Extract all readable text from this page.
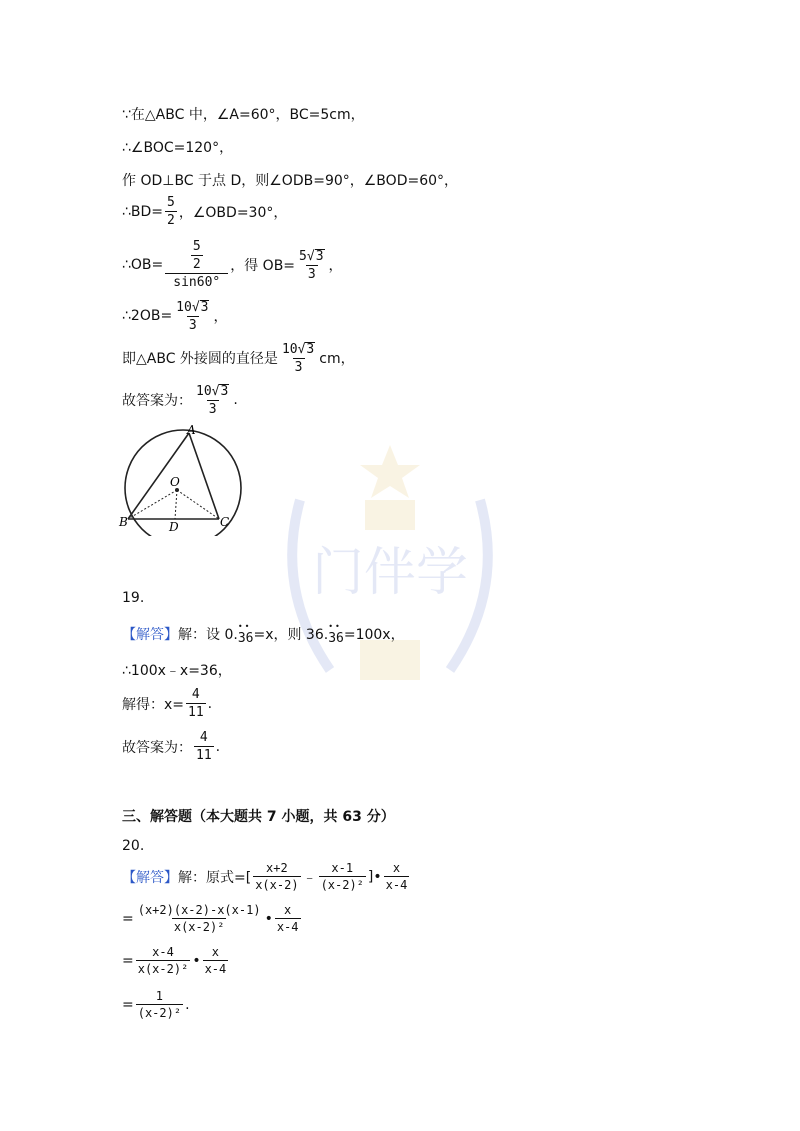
门伴学
∵在△ABC 中，∠A=60°，BC=5cm，
∴∠BOC=120°，
作 OD⊥BC 于点 D，则∠ODB=90°，∠BOD=60°，
∴BD= $\frac{5}{2}$ ，∠OBD=30°，
∴OB= $\frac{\frac{5}{2}}{\sin 60^\circ}$ ，得 $OB= \frac{5√ 3}{3}$ ，
∴2OB= $\frac{10√ 3}{3}$ ，
即△ABC 外接圆的直径是 $\frac{10√ 3}{3}$ cm，
故答案为： $\frac{10√ 3}{3}$ .
A
O
B	D	C
19.
【解答】 解：设 0. •• 36 =x，则 36. •• 36 =100x，
∴100x﹣x=36，
解得：$x= \frac{4}{11}$ .
故答案为： $\frac{4}{11}$ .
三、解答题（本大题共 7 小题，共 63 分）
20.
【解答】 解：原式=[ $\frac{x+2}{x(x-2)}$ ﹣ $\frac{x-1}{\text{(x-2)²}}$ ]• $\frac{x}{x-4}$
= $\frac{(x+2)(x-2)-x(x-1)}{\text{x(x-2)²}}$ • $\frac{x}{x-4}$
= $\frac{x-4}{\text{x(x-2)²}}$ • $\frac{x}{x-4}$
= $\frac{1}{\text{(x-2)²}}$ .
